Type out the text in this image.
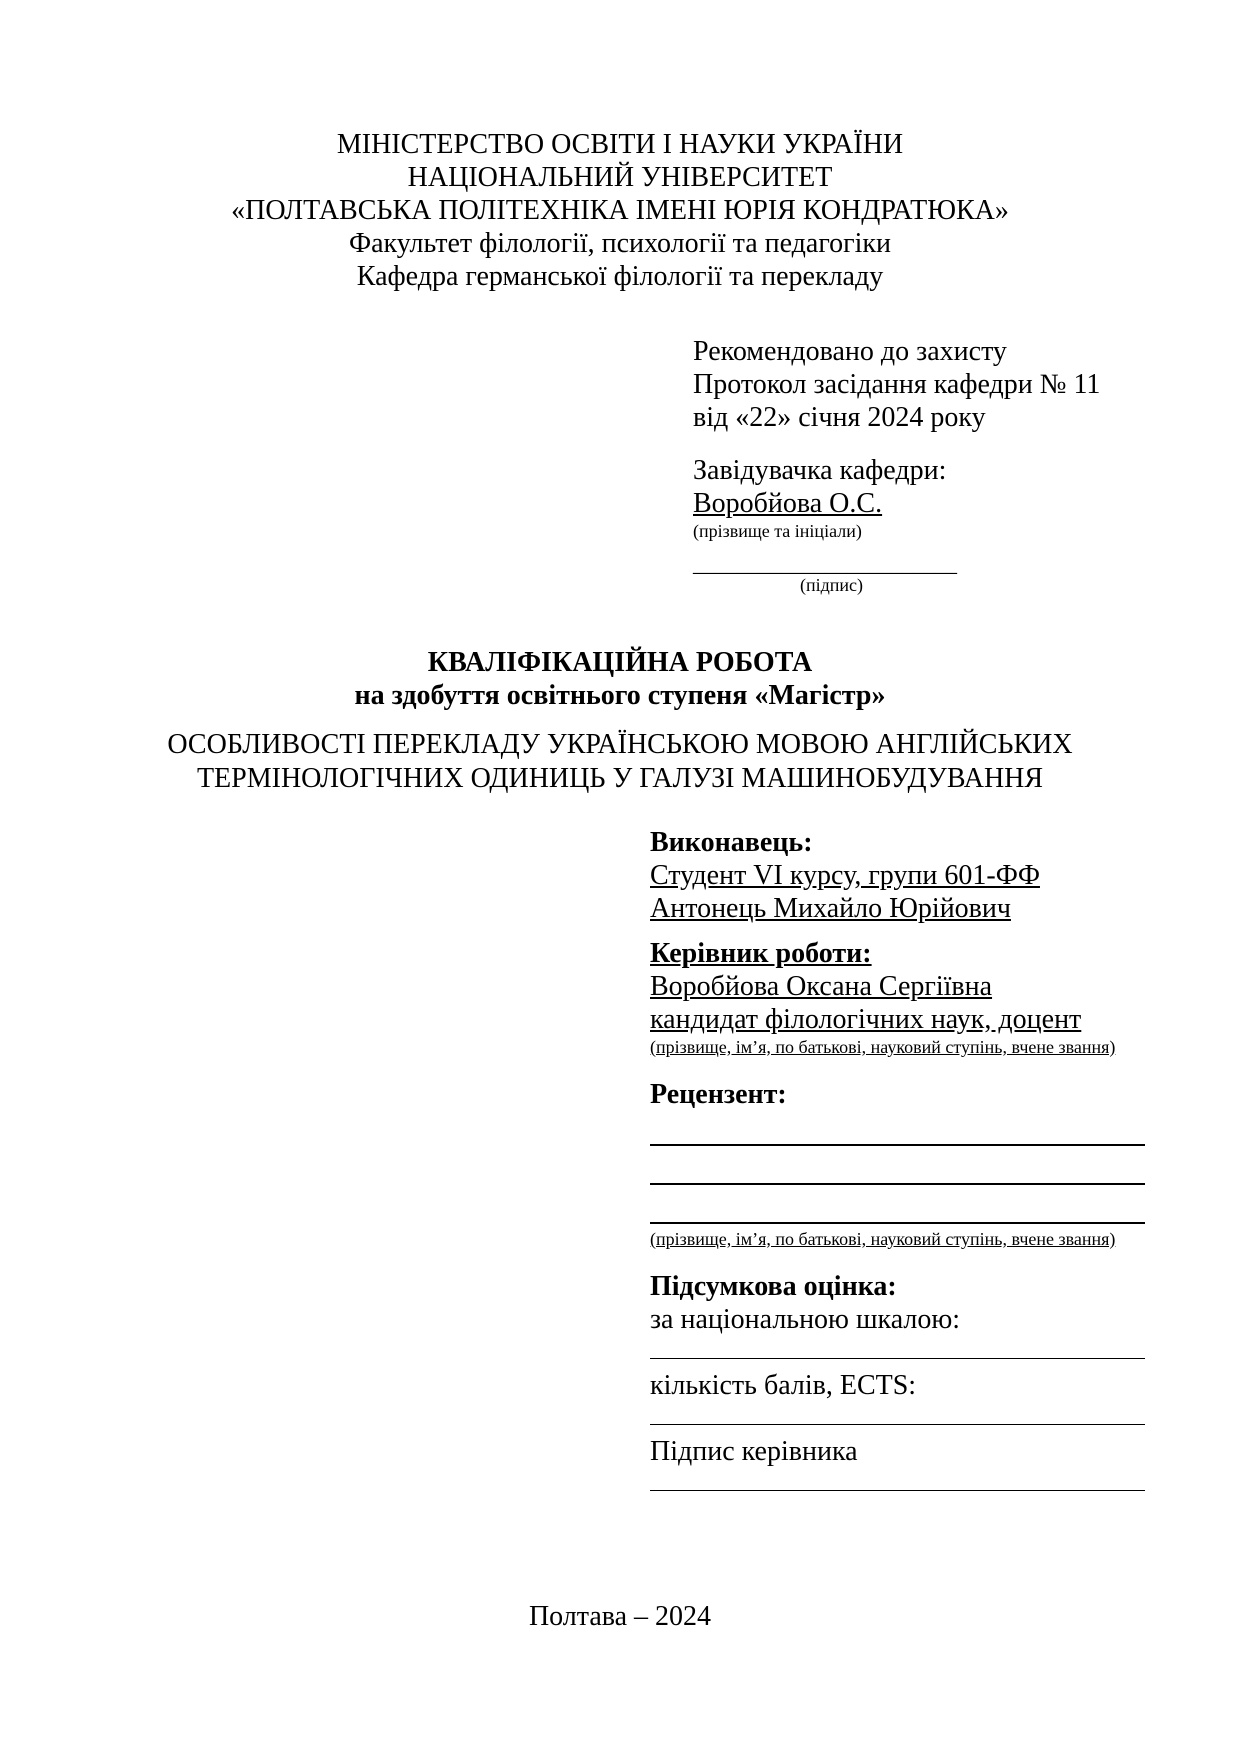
МІНІСТЕРСТВО ОСВІТИ І НАУКИ УКРАЇНИ
НАЦІОНАЛЬНИЙ УНІВЕРСИТЕТ
«ПОЛТАВСЬКА ПОЛІТЕХНІКА ІМЕНІ ЮРІЯ КОНДРАТЮКА»
Факультет філології, психології та педагогіки
Кафедра германської філології та перекладу
Рекомендовано до захисту
Протокол засідання кафедри № 11
від «22» січня 2024 року
Завідувачка кафедри:
Воробйова О.С.
(прізвище та ініціали)
________________________
(підпис)
КВАЛІФІКАЦІЙНА РОБОТА
на здобуття освітнього ступеня «Магістр»
ОСОБЛИВОСТІ ПЕРЕКЛАДУ УКРАЇНСЬКОЮ МОВОЮ АНГЛІЙСЬКИХ
ТЕРМІНОЛОГІЧНИХ ОДИНИЦЬ У ГАЛУЗІ МАШИНОБУДУВАННЯ
Виконавець:
Студент VI курсу, групи 601-ФФ
Антонець Михайло Юрійович
Керівник роботи:
Воробйова Оксана Сергіївна
кандидат філологічних наук, доцент
(прізвище, ім’я, по батькові, науковий ступінь, вчене звання)
Рецензент:
(прізвище, ім’я, по батькові, науковий ступінь, вчене звання)
Підсумкова оцінка:
за національною шкалою:
кількість балів, ECTS:
Підпис керівника
Полтава – 2024
